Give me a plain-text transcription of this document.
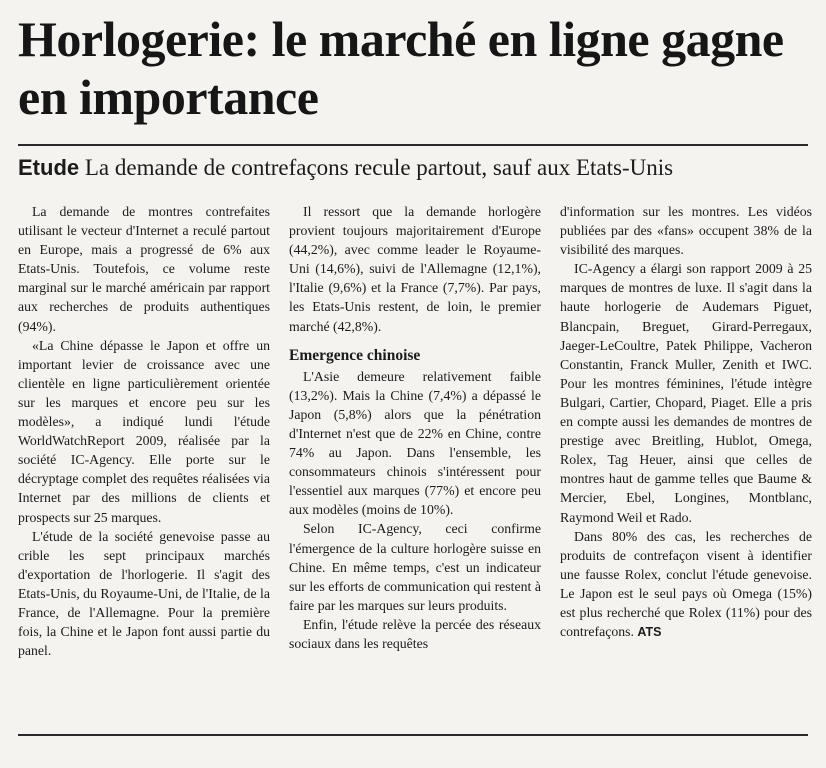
Horlogerie: le marché en ligne gagne en importance

Etude La demande de contrefaçons recule partout, sauf aux Etats-Unis

La demande de montres contrefaites utilisant le vecteur d'Internet a reculé partout en Europe, mais a progressé de 6% aux Etats-Unis. Toutefois, ce volume reste marginal sur le marché américain par rapport aux recherches de produits authentiques (94%).

«La Chine dépasse le Japon et offre un important levier de croissance avec une clientèle en ligne particulièrement orientée sur les marques et encore peu sur les modèles», a indiqué lundi l'étude WorldWatchReport 2009, réalisée par la société IC-Agency. Elle porte sur le décryptage complet des requêtes réalisées via Internet par des millions de clients et prospects sur 25 marques.

L'étude de la société genevoise passe au crible les sept principaux marchés d'exportation de l'horlogerie. Il s'agit des Etats-Unis, du Royaume-Uni, de l'Italie, de la France, de l'Allemagne. Pour la première fois, la Chine et le Japon font aussi partie du panel.

Il ressort que la demande horlogère provient toujours majoritairement d'Europe (44,2%), avec comme leader le Royaume-Uni (14,6%), suivi de l'Allemagne (12,1%), l'Italie (9,6%) et la France (7,7%). Par pays, les Etats-Unis restent, de loin, le premier marché (42,8%).

Emergence chinoise

L'Asie demeure relativement faible (13,2%). Mais la Chine (7,4%) a dépassé le Japon (5,8%) alors que la pénétration d'Internet n'est que de 22% en Chine, contre 74% au Japon. Dans l'ensemble, les consommateurs chinois s'intéressent pour l'essentiel aux marques (77%) et encore peu aux modèles (moins de 10%).

Selon IC-Agency, ceci confirme l'émergence de la culture horlogère suisse en Chine. En même temps, c'est un indicateur sur les efforts de communication qui restent à faire par les marques sur leurs produits.

Enfin, l'étude relève la percée des réseaux sociaux dans les requêtes

d'information sur les montres. Les vidéos publiées par des «fans» occupent 38% de la visibilité des marques.

IC-Agency a élargi son rapport 2009 à 25 marques de montres de luxe. Il s'agit dans la haute horlogerie de Audemars Piguet, Blancpain, Breguet, Girard-Perregaux, Jaeger-LeCoultre, Patek Philippe, Vacheron Constantin, Franck Muller, Zenith et IWC. Pour les montres féminines, l'étude intègre Bulgari, Cartier, Chopard, Piaget. Elle a pris en compte aussi les demandes de montres de prestige avec Breitling, Hublot, Omega, Rolex, Tag Heuer, ainsi que celles de montres haut de gamme telles que Baume & Mercier, Ebel, Longines, Montblanc, Raymond Weil et Rado.

Dans 80% des cas, les recherches de produits de contrefaçon visent à identifier une fausse Rolex, conclut l'étude genevoise. Le Japon est le seul pays où Omega (15%) est plus recherché que Rolex (11%) pour des contrefaçons. ATS
